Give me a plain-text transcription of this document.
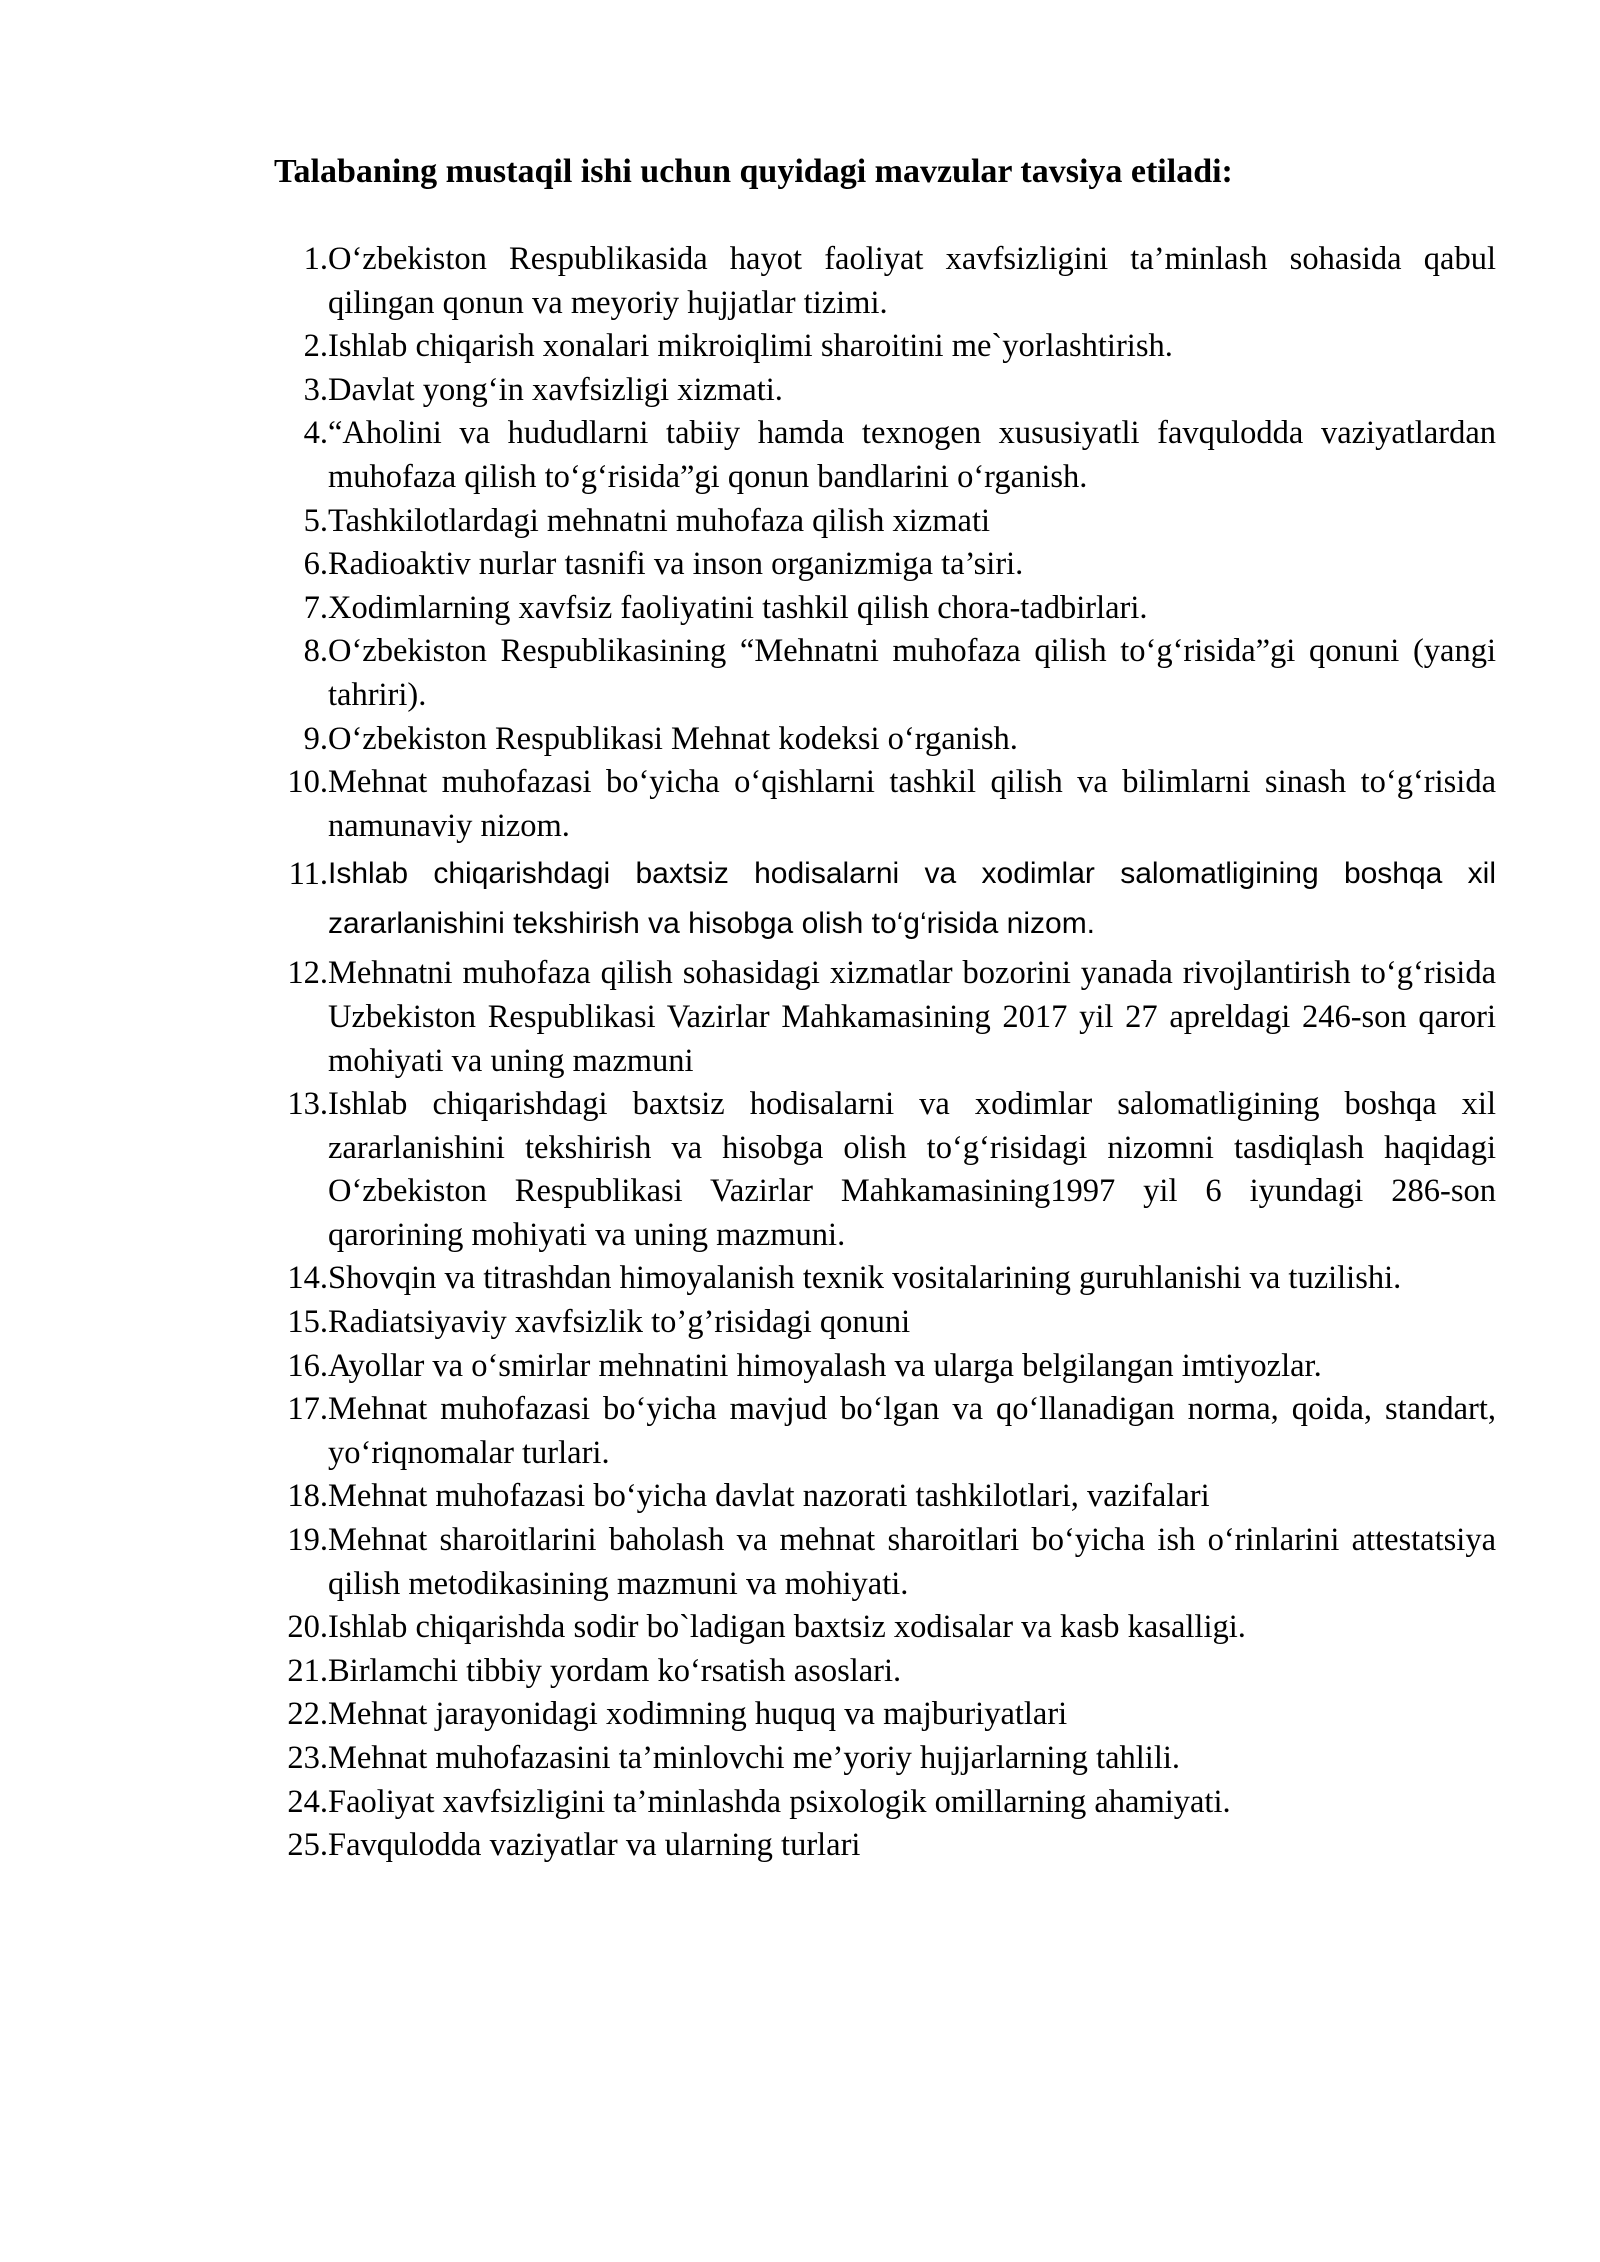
Talabaning mustaqil ishi uchun quyidagi mavzular tavsiya etiladi:
1. O‘zbekiston Respublikasida hayot faoliyat xavfsizligini ta’minlash sohasida qabul qilingan qonun va meyoriy hujjatlar tizimi.
2. Ishlab chiqarish xonalari mikroiqlimi sharoitini me`yorlashtirish.
3. Davlat yong‘in xavfsizligi xizmati.
4. “Aholini va hududlarni tabiiy hamda texnogen xususiyatli favqulodda vaziyatlardan muhofaza qilish to‘g‘risida”gi qonun bandlarini o‘rganish.
5. Tashkilotlardagi mehnatni muhofaza qilish xizmati
6. Radioaktiv nurlar tasnifi va inson organizmiga ta’siri.
7. Xodimlarning xavfsiz faoliyatini tashkil qilish chora-tadbirlari.
8. O‘zbekiston Respublikasining “Mehnatni muhofaza qilish to‘g‘risida”gi qonuni (yangi tahriri).
9. O‘zbekiston Respublikasi Mehnat kodeksi o‘rganish.
10. Mehnat muhofazasi bo‘yicha o‘qishlarni tashkil qilish va bilimlarni sinash to‘g‘risida namunaviy nizom.
11. Ishlab chiqarishdagi baxtsiz hodisalarni va xodimlar salomatligining boshqa xil zararlanishini tekshirish va hisobga olish to‘g‘risida nizom.
12. Mehnatni muhofaza qilish sohasidagi xizmatlar bozorini yanada rivojlantirish to‘g‘risida Uzbekiston Respublikasi Vazirlar Mahkamasining 2017 yil 27 apreldagi 246-son qarori mohiyati va uning mazmuni
13. Ishlab chiqarishdagi baxtsiz hodisalarni va xodimlar salomatligining boshqa xil zararlanishini tekshirish va hisobga olish to‘g‘risidagi nizomni tasdiqlash haqidagi O‘zbekiston Respublikasi Vazirlar Mahkamasining1997 yil 6 iyundagi 286-son qarorining mohiyati va uning mazmuni.
14. Shovqin va titrashdan himoyalanish texnik vositalarining guruhlanishi va tuzilishi.
15. Radiatsiyaviy xavfsizlik to’g’risidagi qonuni
16. Ayollar va o‘smirlar mehnatini himoyalash va ularga belgilangan imtiyozlar.
17. Mehnat muhofazasi bo‘yicha mavjud bo‘lgan va qo‘llanadigan norma, qoida, standart, yo‘riqnomalar turlari.
18. Mehnat muhofazasi bo‘yicha davlat nazorati tashkilotlari, vazifalari
19. Mehnat sharoitlarini baholash va mehnat sharoitlari bo‘yicha ish o‘rinlarini attestatsiya qilish metodikasining mazmuni va mohiyati.
20. Ishlab chiqarishda sodir bo`ladigan baxtsiz xodisalar va kasb kasalligi.
21. Birlamchi tibbiy yordam ko‘rsatish asoslari.
22. Mehnat jarayonidagi xodimning huquq va majburiyatlari
23. Mehnat muhofazasini ta’minlovchi me’yoriy hujjarlarning tahlili.
24. Faoliyat xavfsizligini ta’minlashda psixologik omillarning ahamiyati.
25. Favqulodda vaziyatlar va ularning turlari
